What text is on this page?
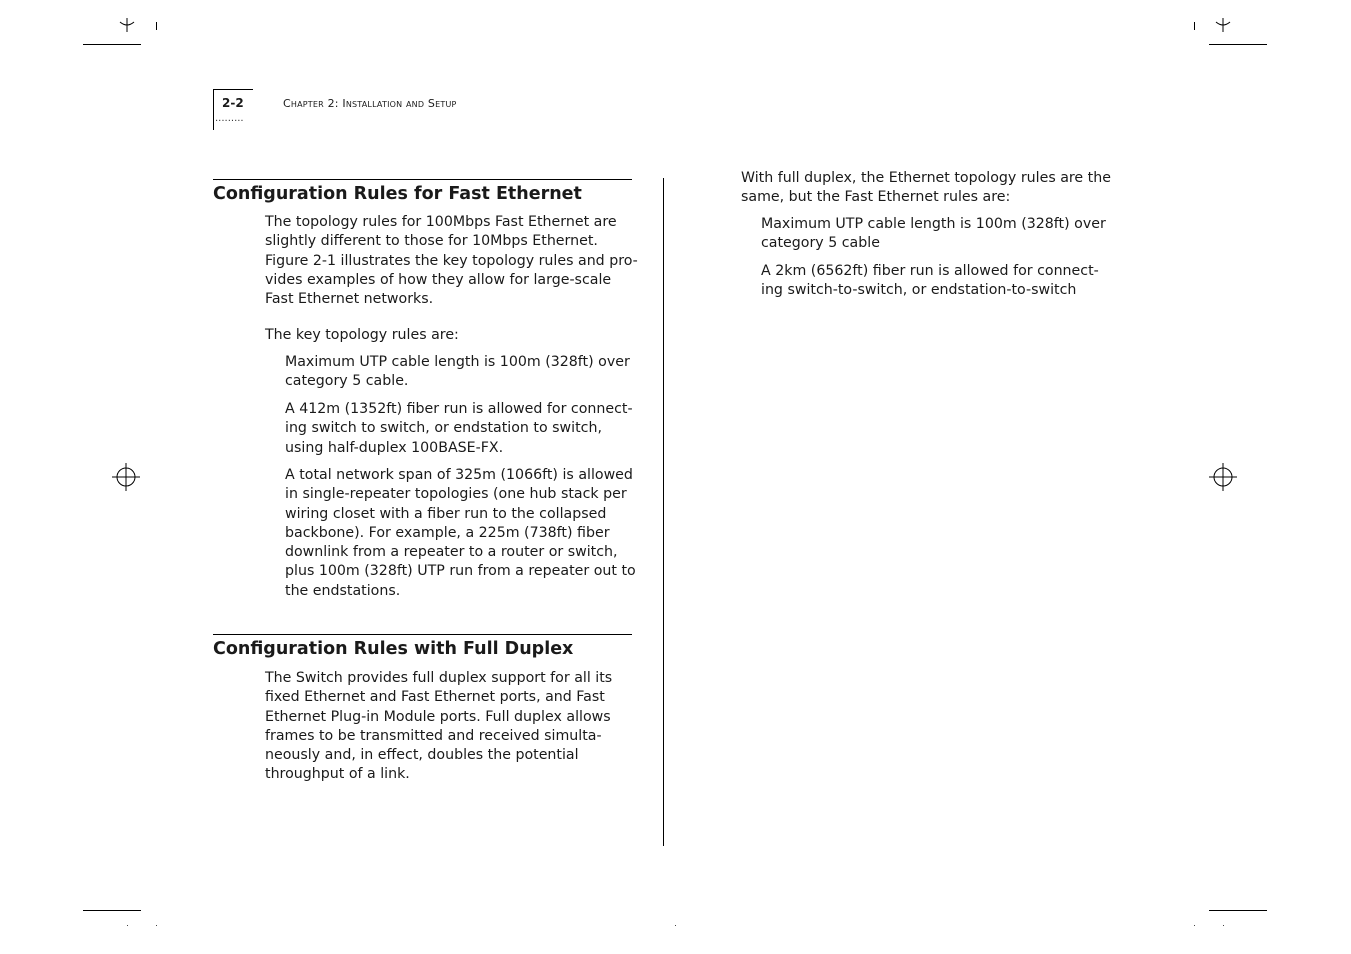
2-2
·········
Chapter 2: Installation and Setup
Configuration Rules for Fast Ethernet
The topology rules for 100Mbps Fast Ethernet are
slightly different to those for 10Mbps Ethernet.
Figure 2-1 illustrates the key topology rules and pro-
vides examples of how they allow for large-scale
Fast Ethernet networks.
The key topology rules are:
Maximum UTP cable length is 100m (328ft) over
category 5 cable.
A 412m (1352ft) fiber run is allowed for connect-
ing switch to switch, or endstation to switch,
using half-duplex 100BASE-FX.
A total network span of 325m (1066ft) is allowed
in single-repeater topologies (one hub stack per
wiring closet with a fiber run to the collapsed
backbone). For example, a 225m (738ft) fiber
downlink from a repeater to a router or switch,
plus 100m (328ft) UTP run from a repeater out to
the endstations.
Configuration Rules with Full Duplex
The Switch provides full duplex support for all its
fixed Ethernet and Fast Ethernet ports, and Fast
Ethernet Plug-in Module ports. Full duplex allows
frames to be transmitted and received simulta-
neously and, in effect, doubles the potential
throughput of a link.
With full duplex, the Ethernet topology rules are the
same, but the Fast Ethernet rules are:
Maximum UTP cable length is 100m (328ft) over
category 5 cable
A 2km (6562ft) fiber run is allowed for connect-
ing switch-to-switch, or endstation-to-switch
